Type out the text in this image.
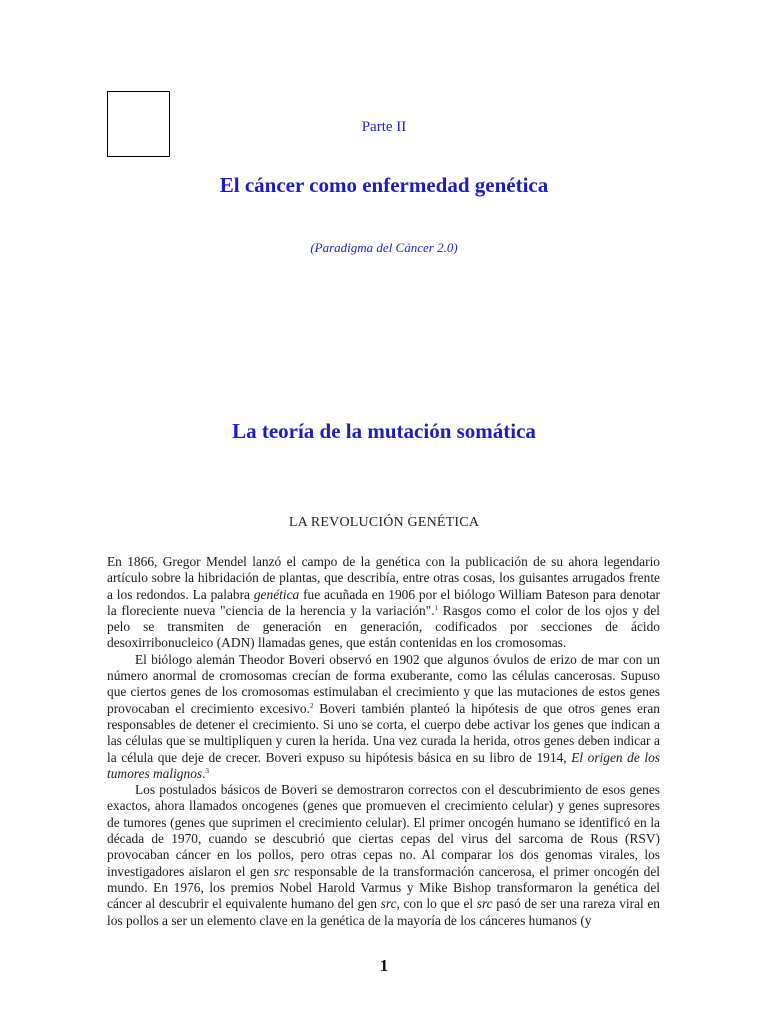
Parte II
El cáncer como enfermedad genética
(Paradigma del Cáncer 2.0)
La teoría de la mutación somática
LA REVOLUCIÓN GENÉTICA

En 1866, Gregor Mendel lanzó el campo de la genética con la publicación de su ahora legendario artículo sobre la hibridación de plantas, que describía, entre otras cosas, los guisantes arrugados frente a los redondos. La palabra genética fue acuñada en 1906 por el biólogo William Bateson para denotar la floreciente nueva "ciencia de la herencia y la variación".$^1$ Rasgos como el color de los ojos y del pelo se transmiten de generación en generación, codificados por secciones de ácido desoxirribonucleico (ADN) llamadas genes, que están contenidas en los cromosomas.

El biólogo alemán Theodor Boveri observó en 1902 que algunos óvulos de erizo de mar con un número anormal de cromosomas crecían de forma exuberante, como las células cancerosas. Supuso que ciertos genes de los cromosomas estimulaban el crecimiento y que las mutaciones de estos genes provocaban el crecimiento excesivo.$^2$ Boveri también planteó la hipótesis de que otros genes eran responsables de detener el crecimiento. Si uno se corta, el cuerpo debe activar los genes que indican a las células que se multipliquen y curen la herida. Una vez curada la herida, otros genes deben indicar a la célula que deje de crecer. Boveri expuso su hipótesis básica en su libro de 1914, El origen de los tumores malignos.$^3$

Los postulados básicos de Boveri se demostraron correctos con el descubrimiento de esos genes exactos, ahora llamados oncogenes (genes que promueven el crecimiento celular) y genes supresores de tumores (genes que suprimen el crecimiento celular). El primer oncogén humano se identificó en la década de 1970, cuando se descubrió que ciertas cepas del virus del sarcoma de Rous (RSV) provocaban cáncer en los pollos, pero otras cepas no. Al comparar los dos genomas virales, los investigadores aislaron el gen src responsable de la transformación cancerosa, el primer oncogén del mundo. En 1976, los premios Nobel Harold Varmus y Mike Bishop transformaron la genética del cáncer al descubrir el equivalente humano del gen src, con lo que el src pasó de ser una rareza viral en los pollos a ser un elemento clave en la genética de la mayoría de los cánceres humanos (y

1
